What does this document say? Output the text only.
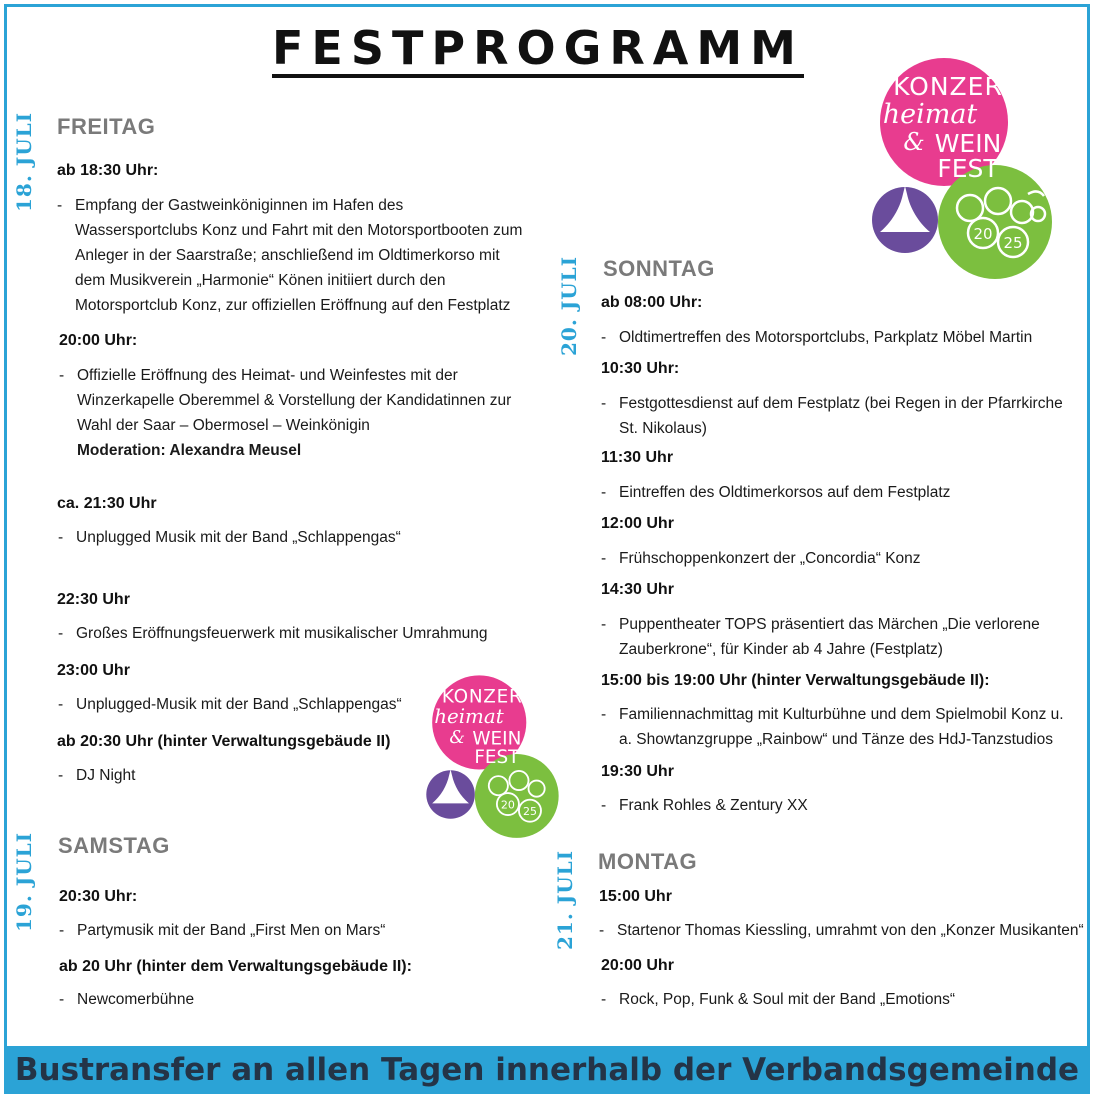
FESTPROGRAMM
KONZER
heimat
& WEIN
FEST
20 25
KONZER
heimat
& WEIN
FEST
20
25
18. JULI FREITAG
ab 18:30 Uhr:
- Empfang der Gastweinköniginnen im Hafen des Wassersportclubs Konz und Fahrt mit den Motorsportbooten zum Anleger in der Saarstraße; anschließend im Oldtimerkorso mit dem Musikverein „Harmonie“ Könen initiiert durch den Motorsportclub Konz, zur offiziellen Eröffnung auf den Festplatz
20:00 Uhr:
- Offizielle Eröffnung des Heimat- und Weinfestes mit der Winzerkapelle Oberemmel & Vorstellung der Kandidatinnen zur Wahl der Saar – Obermosel – Weinkönigin
Moderation: Alexandra Meusel
ca. 21:30 Uhr
- Unplugged Musik mit der Band „Schlappengas“
22:30 Uhr
- Großes Eröffnungsfeuerwerk mit musikalischer Umrahmung
23:00 Uhr
- Unplugged-Musik mit der Band „Schlappengas“
ab 20:30 Uhr (hinter Verwaltungsgebäude II)
- DJ Night
19. JULI SAMSTAG
20:30 Uhr:
- Partymusik mit der Band „First Men on Mars“
ab 20 Uhr (hinter dem Verwaltungsgebäude II):
- Newcomerbühne
20. JULI SONNTAG
ab 08:00 Uhr:
- Oldtimertreffen des Motorsportclubs, Parkplatz Möbel Martin
10:30 Uhr:
- Festgottesdienst auf dem Festplatz (bei Regen in der Pfarrkirche St. Nikolaus)
11:30 Uhr
- Eintreffen des Oldtimerkorsos auf dem Festplatz
12:00 Uhr
- Frühschoppenkonzert der „Concordia“ Konz
14:30 Uhr
- Puppentheater TOPS präsentiert das Märchen „Die verlorene Zauberkrone“, für Kinder ab 4 Jahre (Festplatz)
15:00 bis 19:00 Uhr (hinter Verwaltungsgebäude II):
- Familiennachmittag mit Kulturbühne und dem Spielmobil Konz u. a. Showtanzgruppe „Rainbow“ und Tänze des HdJ-Tanzstudios
19:30 Uhr
- Frank Rohles & Zentury XX
21. JULI MONTAG
15:00 Uhr
- Startenor Thomas Kiessling, umrahmt von den „Konzer Musikanten“
20:00 Uhr
- Rock, Pop, Funk & Soul mit der Band „Emotions“
Bustransfer an allen Tagen innerhalb der Verbandsgemeinde
